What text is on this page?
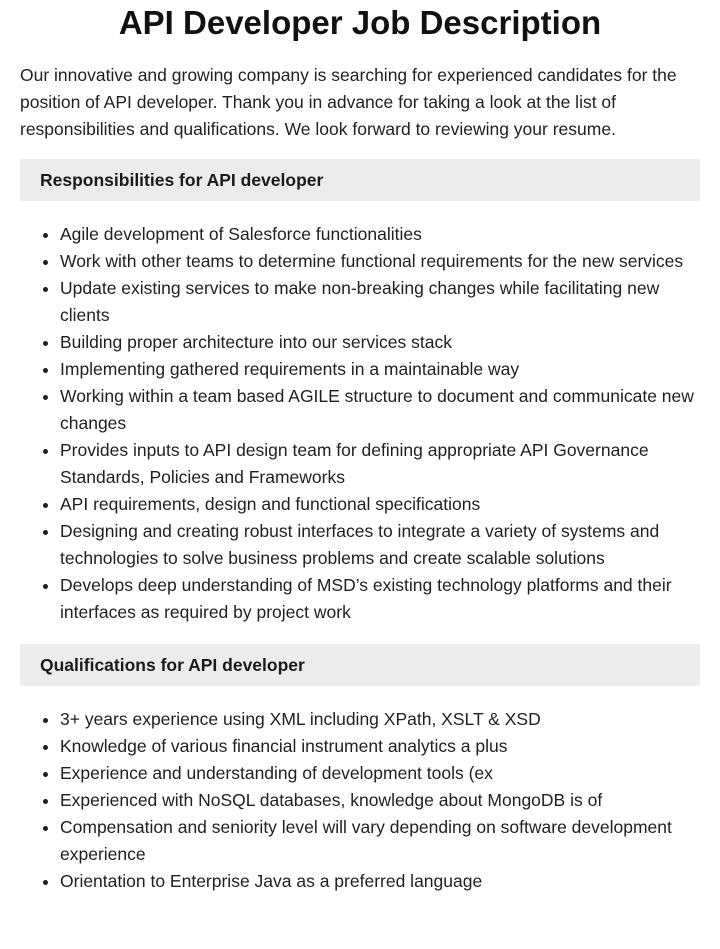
API Developer Job Description

Our innovative and growing company is searching for experienced candidates for the position of API developer. Thank you in advance for taking a look at the list of responsibilities and qualifications. We look forward to reviewing your resume.

Responsibilities for API developer
• Agile development of Salesforce functionalities
• Work with other teams to determine functional requirements for the new services
• Update existing services to make non-breaking changes while facilitating new clients
• Building proper architecture into our services stack
• Implementing gathered requirements in a maintainable way
• Working within a team based AGILE structure to document and communicate new changes
• Provides inputs to API design team for defining appropriate API Governance Standards, Policies and Frameworks
• API requirements, design and functional specifications
• Designing and creating robust interfaces to integrate a variety of systems and technologies to solve business problems and create scalable solutions
• Develops deep understanding of MSD’s existing technology platforms and their interfaces as required by project work
Qualifications for API developer
• 3+ years experience using XML including XPath, XSLT & XSD
• Knowledge of various financial instrument analytics a plus
• Experience and understanding of development tools (ex
• Experienced with NoSQL databases, knowledge about MongoDB is of
• Compensation and seniority level will vary depending on software development experience
• Orientation to Enterprise Java as a preferred language
